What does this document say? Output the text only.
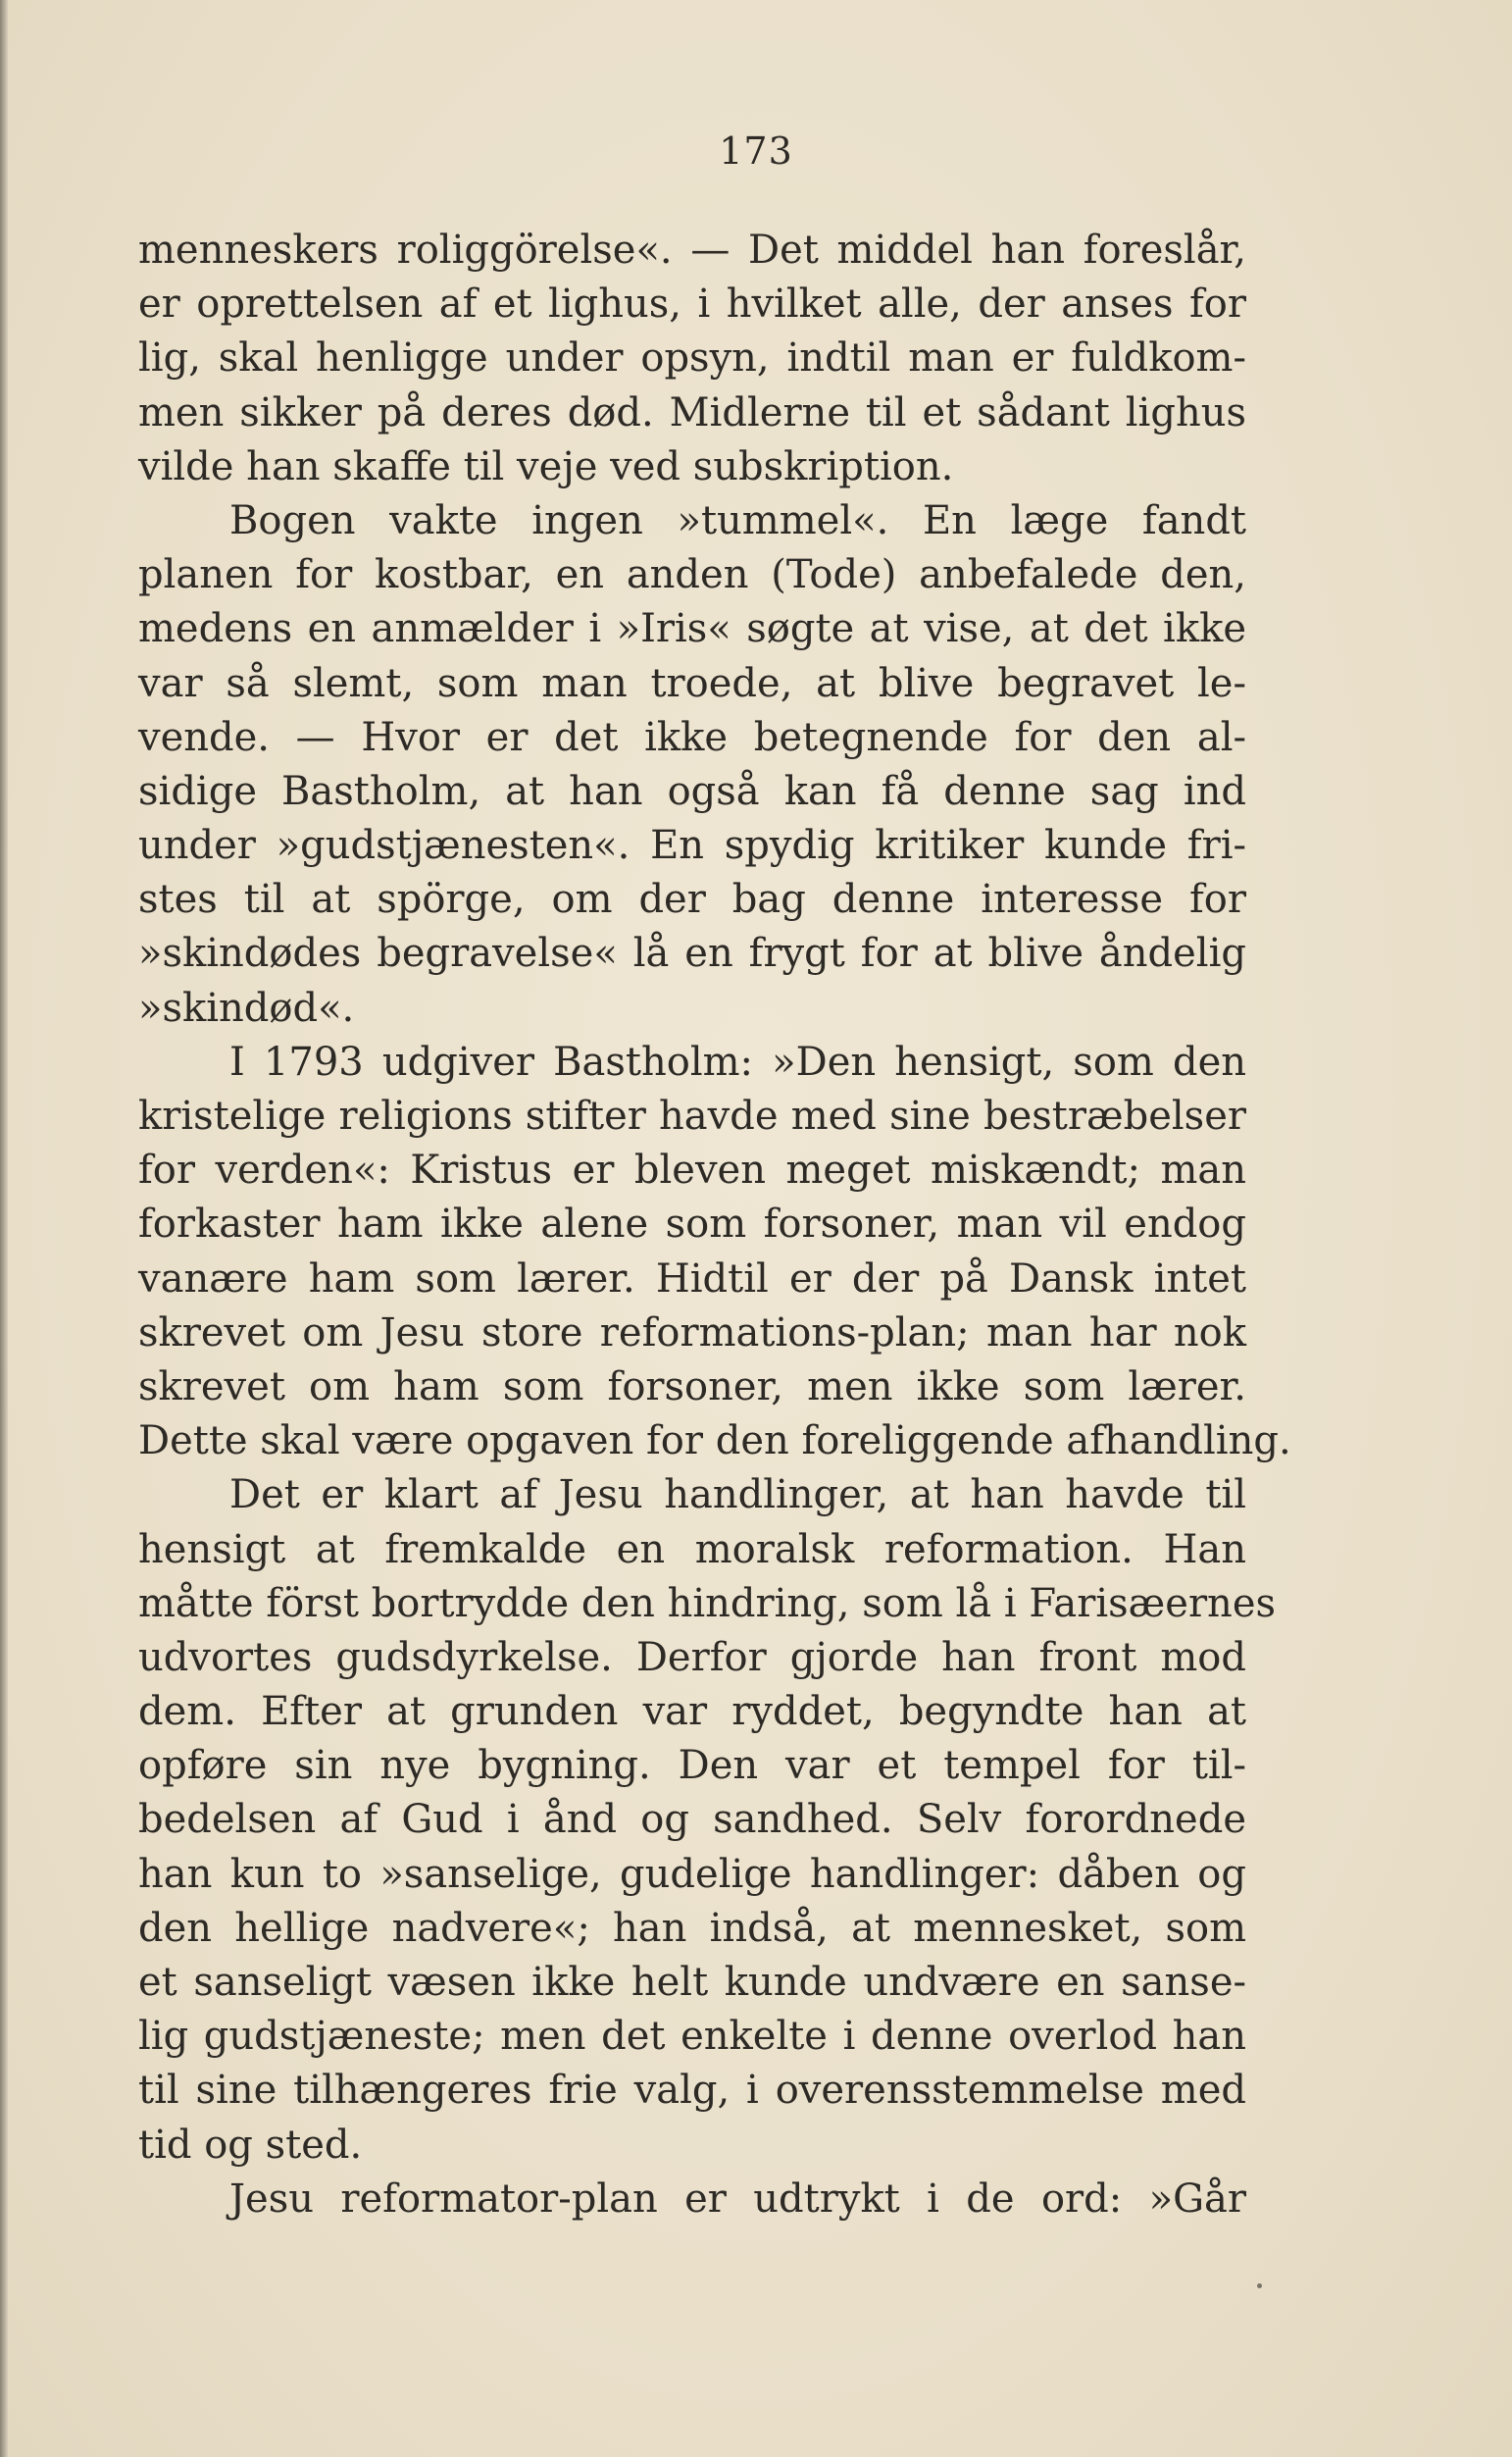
173
menneskers roliggörelse«. — Det middel han foreslår,
er oprettelsen af et lighus, i hvilket alle, der anses for
lig, skal henligge under opsyn, indtil man er fuldkom-
men sikker på deres død. Midlerne til et sådant lighus
vilde han skaffe til veje ved subskription.
Bogen vakte ingen »tummel«. En læge fandt
planen for kostbar, en anden (Tode) anbefalede den,
medens en anmælder i »Iris« søgte at vise, at det ikke
var så slemt, som man troede, at blive begravet le-
vende. — Hvor er det ikke betegnende for den al-
sidige Bastholm, at han også kan få denne sag ind
under »gudstjænesten«. En spydig kritiker kunde fri-
stes til at spörge, om der bag denne interesse for
»skindødes begravelse« lå en frygt for at blive åndelig
»skindød«.
I 1793 udgiver Bastholm: »Den hensigt, som den
kristelige religions stifter havde med sine bestræbelser
for verden«: Kristus er bleven meget miskændt; man
forkaster ham ikke alene som forsoner, man vil endog
vanære ham som lærer. Hidtil er der på Dansk intet
skrevet om Jesu store reformations-plan; man har nok
skrevet om ham som forsoner, men ikke som lærer.
Dette skal være opgaven for den foreliggende afhandling.
Det er klart af Jesu handlinger, at han havde til
hensigt at fremkalde en moralsk reformation. Han
måtte först bortrydde den hindring, som lå i Farisæernes
udvortes gudsdyrkelse. Derfor gjorde han front mod
dem. Efter at grunden var ryddet, begyndte han at
opføre sin nye bygning. Den var et tempel for til-
bedelsen af Gud i ånd og sandhed. Selv forordnede
han kun to »sanselige, gudelige handlinger: dåben og
den hellige nadvere«; han indså, at mennesket, som
et sanseligt væsen ikke helt kunde undvære en sanse-
lig gudstjæneste; men det enkelte i denne overlod han
til sine tilhængeres frie valg, i overensstemmelse med
tid og sted.
Jesu reformator-plan er udtrykt i de ord: »Går
